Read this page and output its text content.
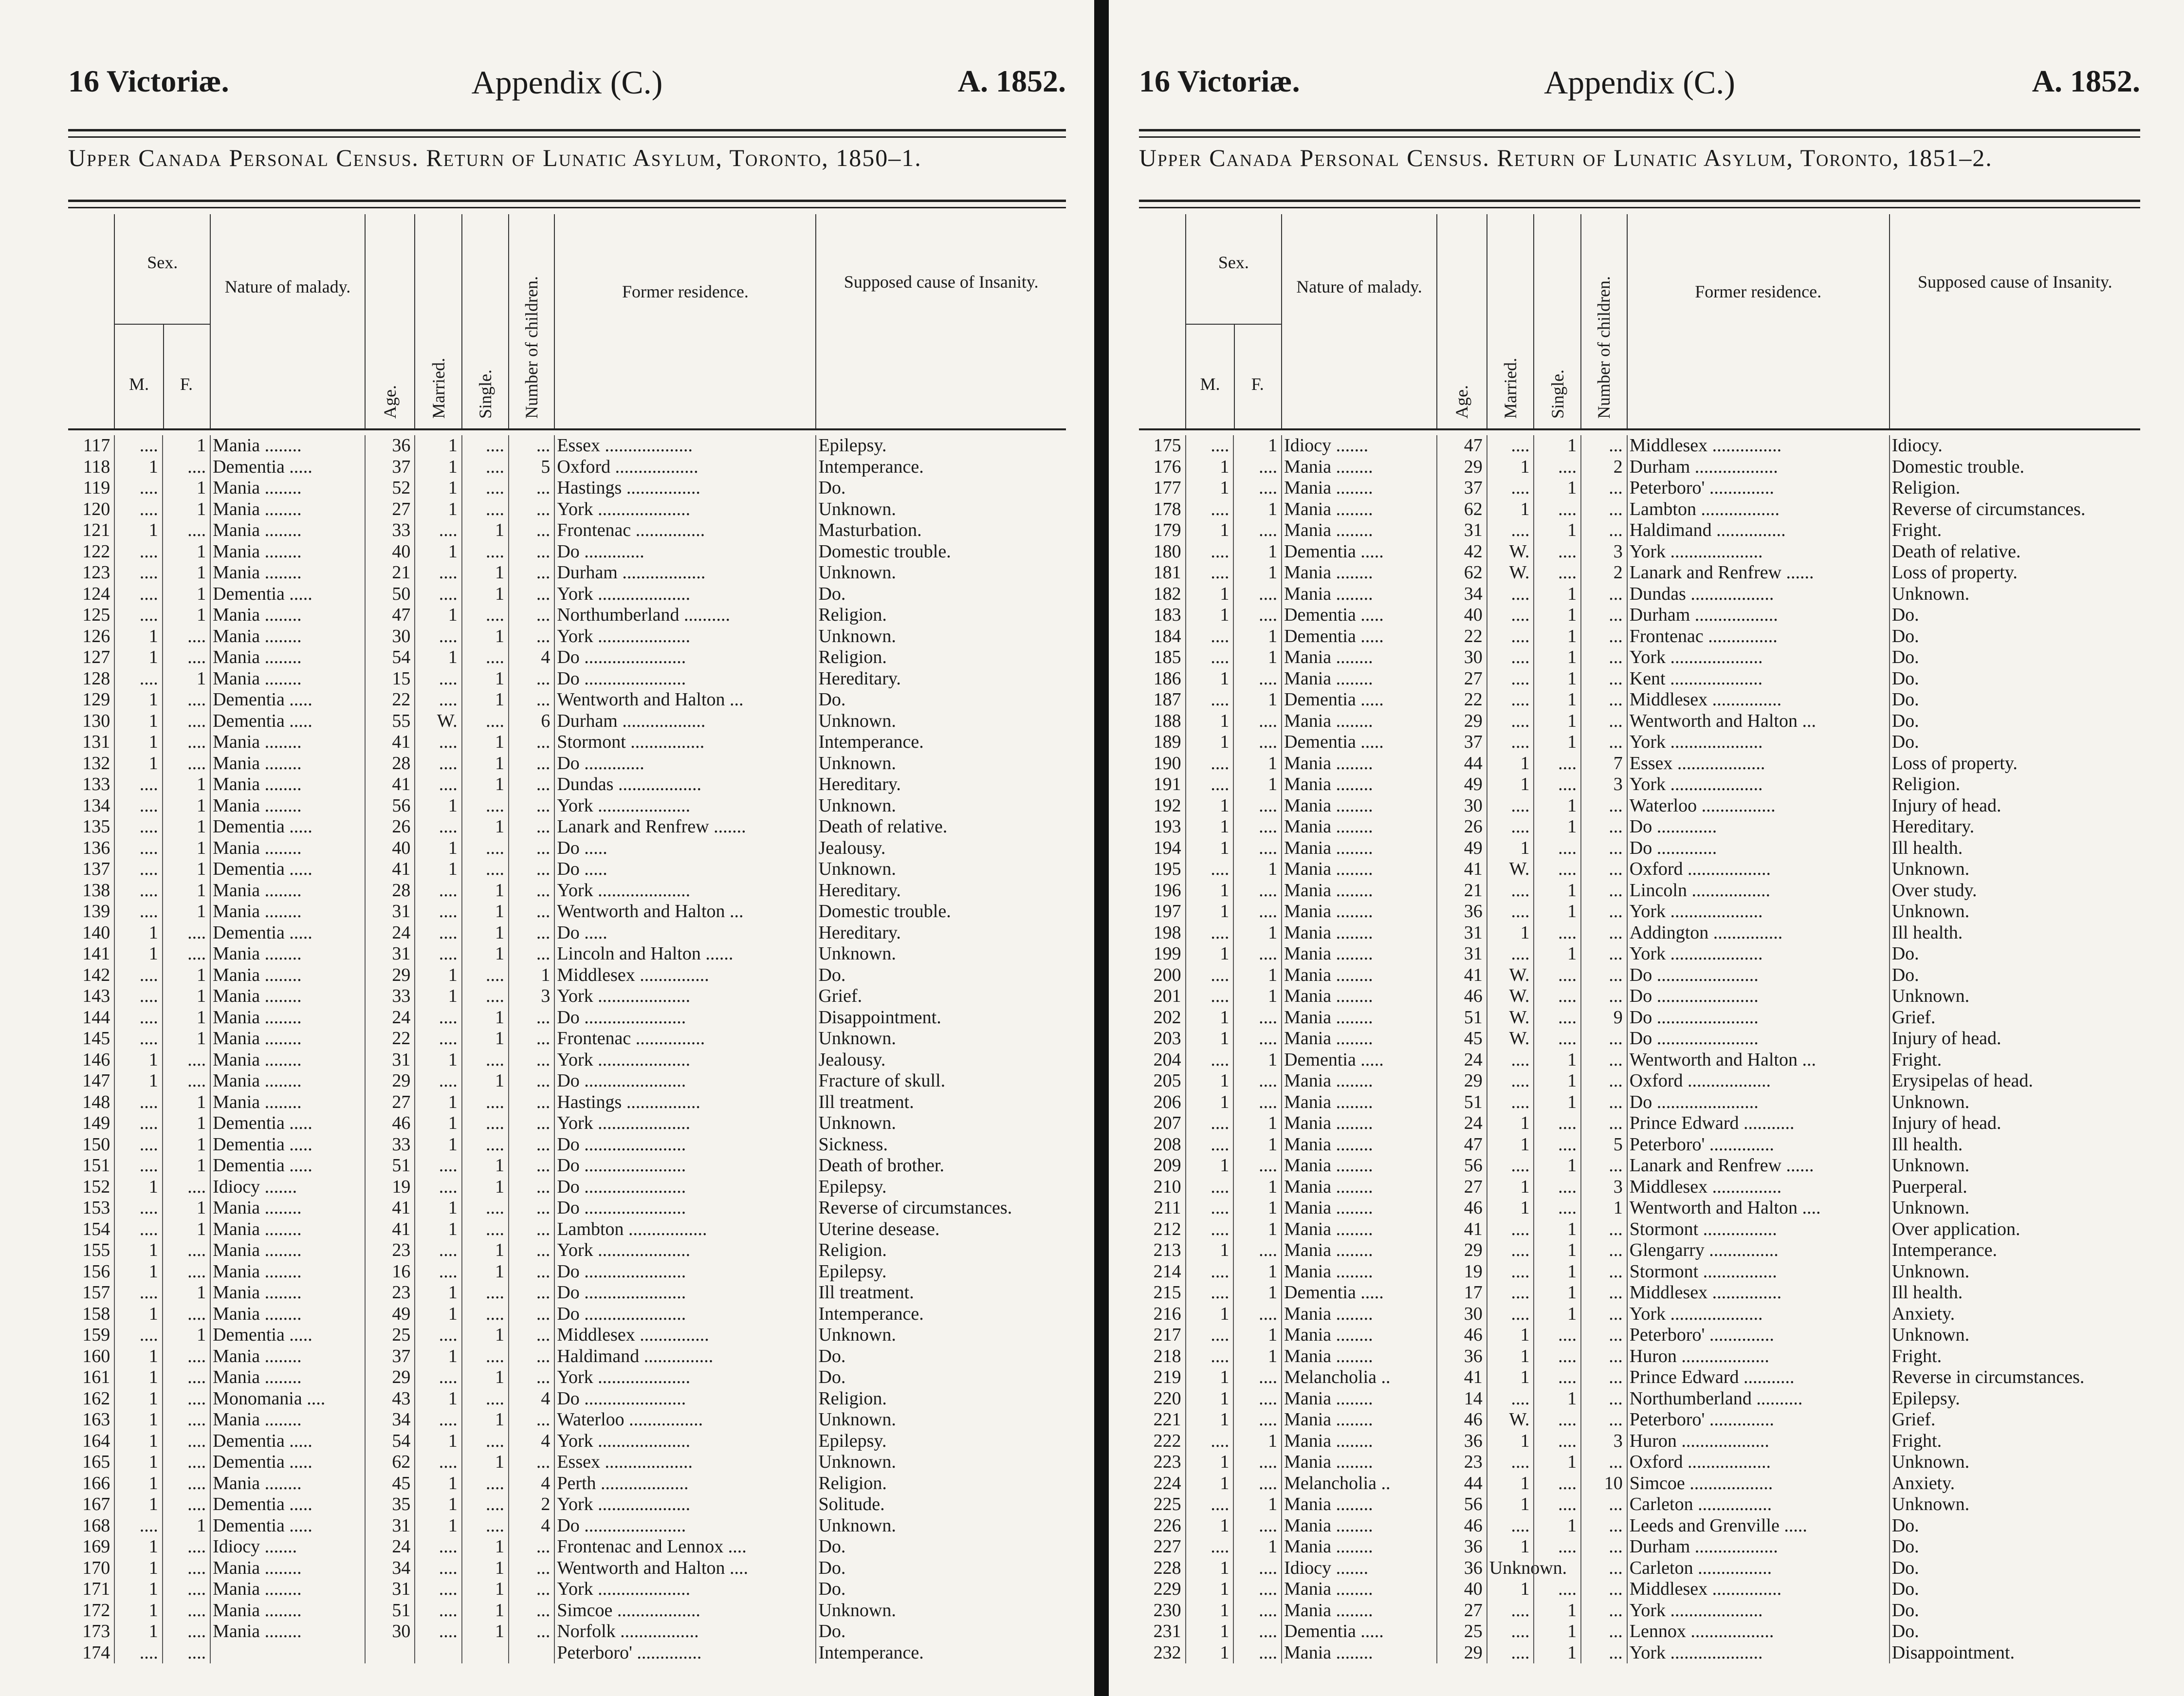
16 Victoriæ.	Appendix (C.)	A. 1852.
Upper Canada Personal Census. Return of Lunatic Asylum, Toronto, 1850–1.
Sex.
M.	F.
Nature of malady.
Age. Married. Single. Number of children.	Former residence.	Supposed cause of Insanity.
117	....	1 Mania ........	36	1	....	... Essex ...................	Epilepsy.
118	1	.... Dementia .....	37	1	....	5 Oxford ..................	Intemperance.
119	....	1 Mania ........	52	1	....	... Hastings ................	Do.
120	....	1 Mania ........	27	1	....	... York ....................	Unknown.
121	1	.... Mania ........	33	....	1	... Frontenac ...............	Masturbation.
122	....	1 Mania ........	40	1	....	... Do .............	Domestic trouble.
123	....	1 Mania ........	21	....	1	... Durham ..................	Unknown.
124	....	1 Dementia .....	50	....	1	... York ....................	Do.
125	....	1 Mania ........	47	1	....	... Northumberland ..........	Religion.
126	1	.... Mania ........	30	....	1	... York ....................	Unknown.
127	1	.... Mania ........	54	1	....	4 Do ......................	Religion.
128	....	1 Mania ........	15	....	1	... Do ......................	Hereditary.
129	1	.... Dementia .....	22	....	1	... Wentworth and Halton ...	Do.
130	1	.... Dementia .....	55	W.	....	6 Durham ..................	Unknown.
131	1	.... Mania ........	41	....	1	... Stormont ................	Intemperance.
132	1	.... Mania ........	28	....	1	... Do .............	Unknown.
133	....	1 Mania ........	41	....	1	... Dundas ..................	Hereditary.
134	....	1 Mania ........	56	1	....	... York ....................	Unknown.
135	....	1 Dementia .....	26	....	1	... Lanark and Renfrew .......	Death of relative.
136	....	1 Mania ........	40	1	....	... Do .....	Jealousy.
137	....	1 Dementia .....	41	1	....	... Do .....	Unknown.
138	....	1 Mania ........	28	....	1	... York ....................	Hereditary.
139	....	1 Mania ........	31	....	1	... Wentworth and Halton ...	Domestic trouble.
140	1	.... Dementia .....	24	....	1	... Do .....	Hereditary.
141	1	.... Mania ........	31	....	1	... Lincoln and Halton ......	Unknown.
142	....	1 Mania ........	29	1	....	1 Middlesex ...............	Do.
143	....	1 Mania ........	33	1	....	3 York ....................	Grief.
144	....	1 Mania ........	24	....	1	... Do ......................	Disappointment.
145	....	1 Mania ........	22	....	1	... Frontenac ...............	Unknown.
146	1	.... Mania ........	31	1	....	... York ....................	Jealousy.
147	1	.... Mania ........	29	....	1	... Do ......................	Fracture of skull.
148	....	1 Mania ........	27	1	....	... Hastings ................	Ill treatment.
149	....	1 Dementia .....	46	1	....	... York ....................	Unknown.
150	....	1 Dementia .....	33	1	....	... Do ......................	Sickness.
151	....	1 Dementia .....	51	....	1	... Do ......................	Death of brother.
152	1	.... Idiocy .......	19	....	1	... Do ......................	Epilepsy.
153	....	1 Mania ........	41	1	....	... Do ......................	Reverse of circumstances.
154	....	1 Mania ........	41	1	....	... Lambton .................	Uterine desease.
155	1	.... Mania ........	23	....	1	... York ....................	Religion.
156	1	.... Mania ........	16	....	1	... Do ......................	Epilepsy.
157	....	1 Mania ........	23	1	....	... Do ......................	Ill treatment.
158	1	.... Mania ........	49	1	....	... Do ......................	Intemperance.
159	....	1 Dementia .....	25	....	1	... Middlesex ...............	Unknown.
160	1	.... Mania ........	37	1	....	... Haldimand ...............	Do.
161	1	.... Mania ........	29	....	1	... York ....................	Do.
162	1	.... Monomania ....	43	1	....	4 Do ......................	Religion.
163	1	.... Mania ........	34	....	1	... Waterloo ................	Unknown.
164	1	.... Dementia .....	54	1	....	4 York ....................	Epilepsy.
165	1	.... Dementia .....	62	....	1	... Essex ...................	Unknown.
166	1	.... Mania ........	45	1	....	4 Perth ...................	Religion.
167	1	.... Dementia .....	35	1	....	2 York ....................	Solitude.
168	....	1 Dementia .....	31	1	....	4 Do ......................	Unknown.
169	1	.... Idiocy .......	24	....	1	... Frontenac and Lennox ....	Do.
170	1	.... Mania ........	34	....	1	... Wentworth and Halton ....	Do.
171	1	.... Mania ........	31	....	1	... York ....................	Do.
172	1	.... Mania ........	51	....	1	... Simcoe ..................	Unknown.
173	1	.... Mania ........	30	....	1	... Norfolk .................	Do.
174	....	....	Peterboro' ..............	Intemperance.
16 Victoriæ.	Appendix (C.)	A. 1852.
Upper Canada Personal Census. Return of Lunatic Asylum, Toronto, 1851–2.
Sex.
M.	F.
Nature of malady.
Age. Married. Single. Number of children.	Former residence.	Supposed cause of Insanity.
175	....	1 Idiocy .......	47	....	1	... Middlesex ...............	Idiocy.
176	1	.... Mania ........	29	1	....	2 Durham ..................	Domestic trouble.
177	1	.... Mania ........	37	....	1	... Peterboro' ..............	Religion.
178	....	1 Mania ........	62	1	....	... Lambton .................	Reverse of circumstances.
179	1	.... Mania ........	31	....	1	... Haldimand ...............	Fright.
180	....	1 Dementia .....	42	W.	....	3 York ....................	Death of relative.
181	....	1 Mania ........	62	W.	....	2 Lanark and Renfrew ......	Loss of property.
182	1	.... Mania ........	34	....	1	... Dundas ..................	Unknown.
183	1	.... Dementia .....	40	....	1	... Durham ..................	Do.
184	....	1 Dementia .....	22	....	1	... Frontenac ...............	Do.
185	....	1 Mania ........	30	....	1	... York ....................	Do.
186	1	.... Mania ........	27	....	1	... Kent ....................	Do.
187	....	1 Dementia .....	22	....	1	... Middlesex ...............	Do.
188	1	.... Mania ........	29	....	1	... Wentworth and Halton ...	Do.
189	1	.... Dementia .....	37	....	1	... York ....................	Do.
190	....	1 Mania ........	44	1	....	7 Essex ...................	Loss of property.
191	....	1 Mania ........	49	1	....	3 York ....................	Religion.
192	1	.... Mania ........	30	....	1	... Waterloo ................	Injury of head.
193	1	.... Mania ........	26	....	1	... Do .............	Hereditary.
194	1	.... Mania ........	49	1	....	... Do .............	Ill health.
195	....	1 Mania ........	41	W.	....	... Oxford ..................	Unknown.
196	1	.... Mania ........	21	....	1	... Lincoln .................	Over study.
197	1	.... Mania ........	36	....	1	... York ....................	Unknown.
198	....	1 Mania ........	31	1	....	... Addington ...............	Ill health.
199	1	.... Mania ........	31	....	1	... York ....................	Do.
200	....	1 Mania ........	41	W.	....	... Do ......................	Do.
201	....	1 Mania ........	46	W.	....	... Do ......................	Unknown.
202	1	.... Mania ........	51	W.	....	9 Do ......................	Grief.
203	1	.... Mania ........	45	W.	....	... Do ......................	Injury of head.
204	....	1 Dementia .....	24	....	1	... Wentworth and Halton ...	Fright.
205	1	.... Mania ........	29	....	1	... Oxford ..................	Erysipelas of head.
206	1	.... Mania ........	51	....	1	... Do ......................	Unknown.
207	....	1 Mania ........	24	1	....	... Prince Edward ...........	Injury of head.
208	....	1 Mania ........	47	1	....	5 Peterboro' ..............	Ill health.
209	1	.... Mania ........	56	....	1	... Lanark and Renfrew ......	Unknown.
210	....	1 Mania ........	27	1	....	3 Middlesex ...............	Puerperal.
211	....	1 Mania ........	46	1	....	1 Wentworth and Halton ....	Unknown.
212	....	1 Mania ........	41	....	1	... Stormont ................	Over application.
213	1	.... Mania ........	29	....	1	... Glengarry ...............	Intemperance.
214	....	1 Mania ........	19	....	1	... Stormont ................	Unknown.
215	....	1 Dementia .....	17	....	1	... Middlesex ...............	Ill health.
216	1	.... Mania ........	30	....	1	... York ....................	Anxiety.
217	....	1 Mania ........	46	1	....	... Peterboro' ..............	Unknown.
218	....	1 Mania ........	36	1	....	... Huron ...................	Fright.
219	1	.... Melancholia ..	41	1	....	... Prince Edward ...........	Reverse in circumstances.
220	1	.... Mania ........	14	....	1	... Northumberland ..........	Epilepsy.
221	1	.... Mania ........	46	W.	....	... Peterboro' ..............	Grief.
222	....	1 Mania ........	36	1	....	3 Huron ...................	Fright.
223	1	.... Mania ........	23	....	1	... Oxford ..................	Unknown.
224	1	.... Melancholia ..	44	1	....	10 Simcoe ..................	Anxiety.
225	....	1 Mania ........	56	1	....	... Carleton ................	Unknown.
226	1	.... Mania ........	46	....	1	... Leeds and Grenville .....	Do.
227	....	1 Mania ........	36	1	....	... Durham ..................	Do.
228	1	.... Idiocy .......	36 Unknown.	... Carleton ................	Do.
229	1	.... Mania ........	40	1	....	... Middlesex ...............	Do.
230	1	.... Mania ........	27	....	1	... York ....................	Do.
231	1	.... Dementia .....	25	....	1	... Lennox ..................	Do.
232	1	.... Mania ........	29	....	1	... York ....................	Disappointment.
